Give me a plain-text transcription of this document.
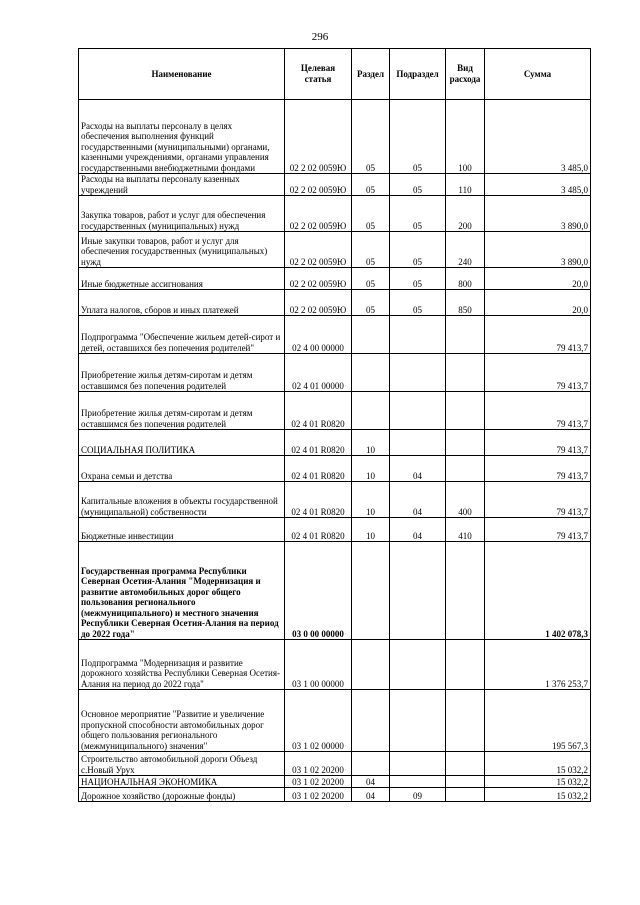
296
Наименование	Целевая статья	Раздел	Подраздел	Вид расхода	Сумма
Расходы на выплаты персоналу в целях обеспечения выполнения функций государственными (муниципальными) органами, казенными учреждениями, органами управления государственными внебюджетными фондами	02 2 02 0059Ю	05	05	100	3 485,0
Расходы на выплаты персоналу казенных учреждений	02 2 02 0059Ю	05	05	110	3 485,0
Закупка товаров, работ и услуг для обеспечения государственных (муниципальных) нужд	02 2 02 0059Ю	05	05	200	3 890,0
Иные закупки товаров, работ и услуг для обеспечения государственных (муниципальных) нужд	02 2 02 0059Ю	05	05	240	3 890,0
Иные бюджетные ассигнования	02 2 02 0059Ю	05	05	800	20,0
Уплата налогов, сборов и иных платежей	02 2 02 0059Ю	05	05	850	20,0
Подпрограмма "Обеспечение жильем детей-сирот и детей, оставшихся без попечения родителей"	02 4 00 00000				79 413,7
Приобретение жилья детям-сиротам и детям оставшимся без попечения родителей	02 4 01 00000				79 413,7
Приобретение жилья детям-сиротам и детям оставшимся без попечения родителей	02 4 01 R0820				79 413,7
СОЦИАЛЬНАЯ ПОЛИТИКА	02 4 01 R0820	10			79 413,7
Охрана семьи и детства	02 4 01 R0820	10	04		79 413,7
Капитальные вложения в объекты государственной (муниципальной) собственности	02 4 01 R0820	10	04	400	79 413,7
Бюджетные инвестиции	02 4 01 R0820	10	04	410	79 413,7
Государственная программа Республики Северная Осетия-Алания "Модернизация и развитие автомобильных дорог общего пользования регионального (межмуниципального) и местного значения Республики Северная Осетия-Алания на период до 2022 года"	03 0 00 00000				1 402 078,3
Подпрограмма "Модернизация и развитие дорожного хозяйства Республики Северная Осетия-Алания на период до 2022 года"	03 1 00 00000				1 376 253,7
Основное мероприятие "Развитие и увеличение пропускной способности автомобильных дорог общего пользования регионального (межмуниципального) значения"	03 1 02 00000				195 567,3
Строительство автомобильной дороги Объезд с.Новый Урух	03 1 02 20200				15 032,2
НАЦИОНАЛЬНАЯ ЭКОНОМИКА	03 1 02 20200	04			15 032,2
Дорожное хозяйство (дорожные фонды)	03 1 02 20200	04	09		15 032,2
